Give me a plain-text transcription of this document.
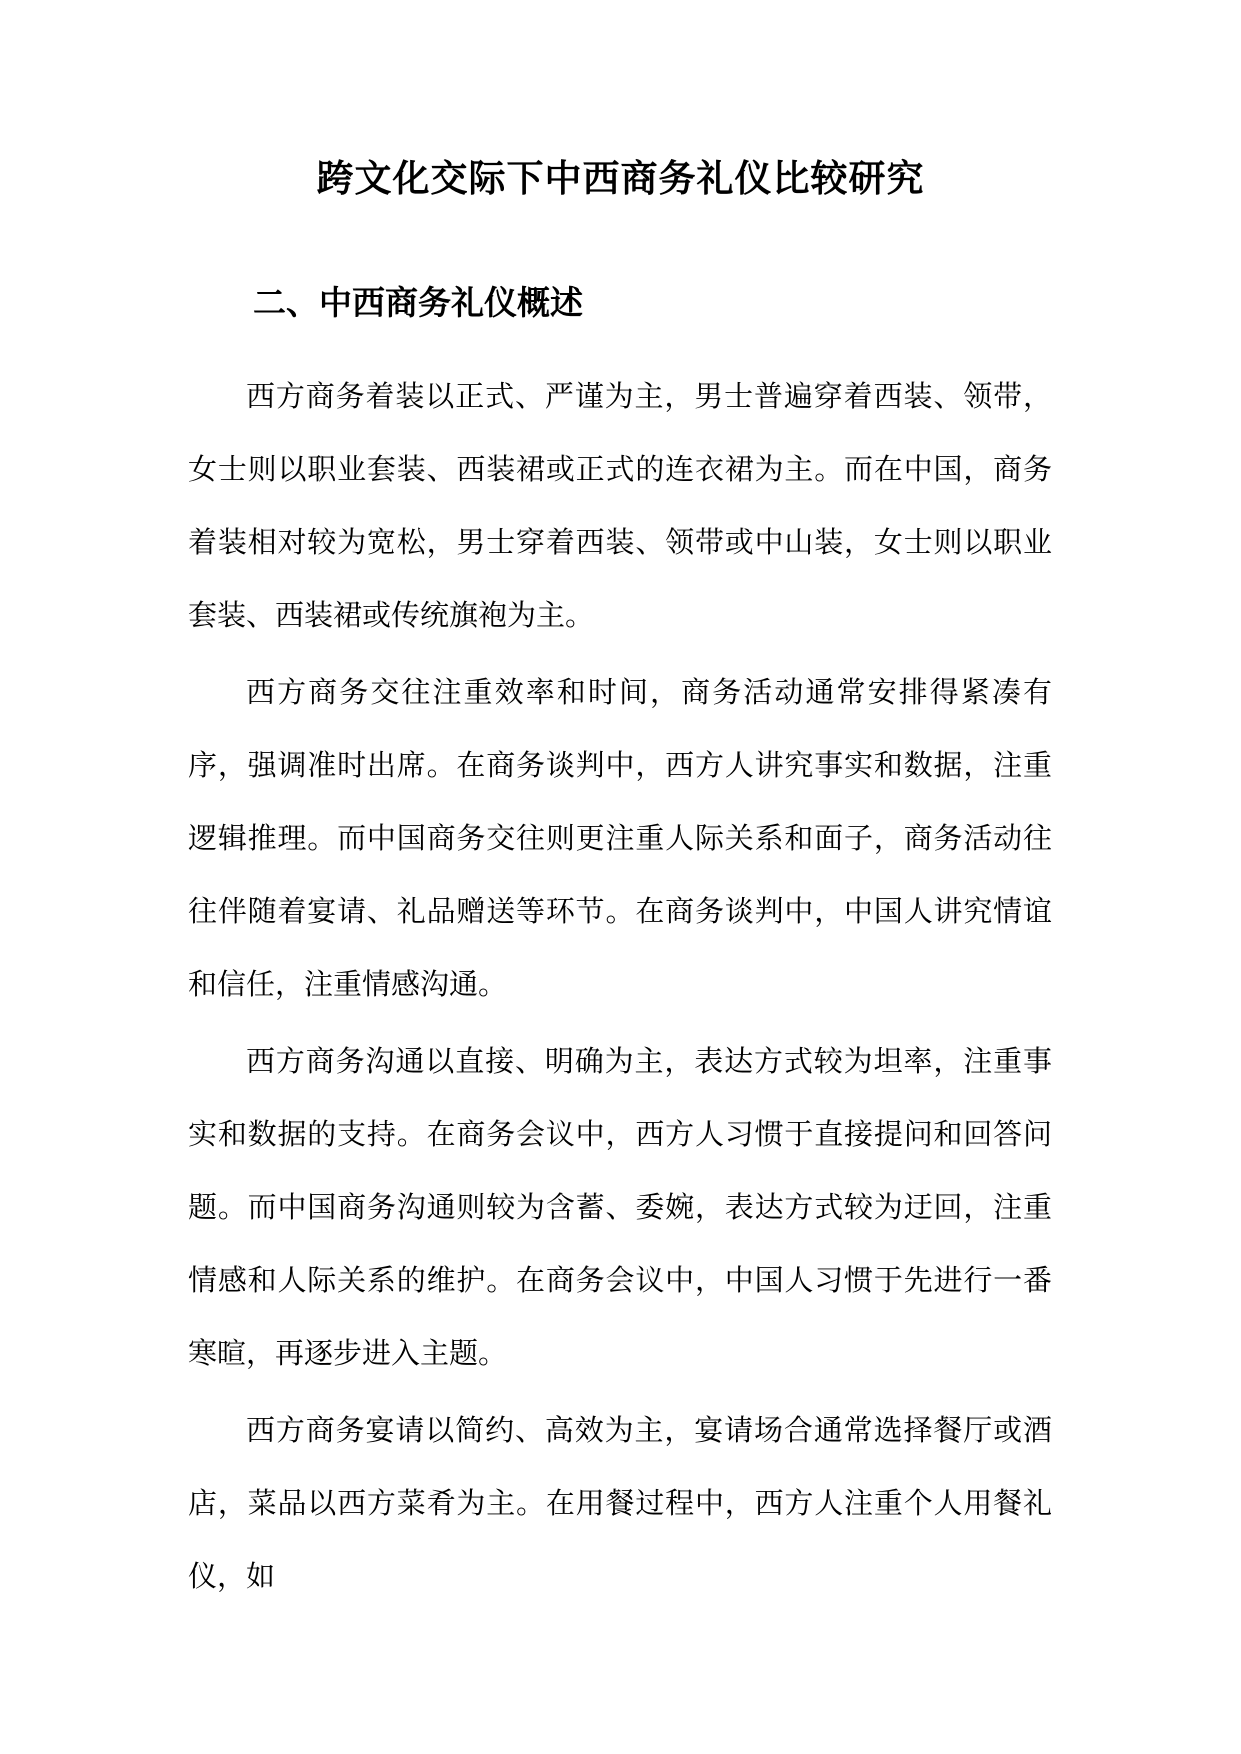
跨文化交际下中西商务礼仪比较研究
二、中西商务礼仪概述

西方商务着装以正式、严谨为主，男士普遍穿着西装、领带，女士则以职业套装、西装裙或正式的连衣裙为主。而在中国，商务着装相对较为宽松，男士穿着西装、领带或中山装，女士则以职业套装、西装裙或传统旗袍为主。

西方商务交往注重效率和时间，商务活动通常安排得紧凑有序，强调准时出席。在商务谈判中，西方人讲究事实和数据，注重逻辑推理。而中国商务交往则更注重人际关系和面子，商务活动往往伴随着宴请、礼品赠送等环节。在商务谈判中，中国人讲究情谊和信任，注重情感沟通。

西方商务沟通以直接、明确为主，表达方式较为坦率，注重事实和数据的支持。在商务会议中，西方人习惯于直接提问和回答问题。而中国商务沟通则较为含蓄、委婉，表达方式较为迂回，注重情感和人际关系的维护。在商务会议中，中国人习惯于先进行一番寒暄，再逐步进入主题。

西方商务宴请以简约、高效为主，宴请场合通常选择餐厅或酒店，菜品以西方菜肴为主。在用餐过程中，西方人注重个人用餐礼仪，如
